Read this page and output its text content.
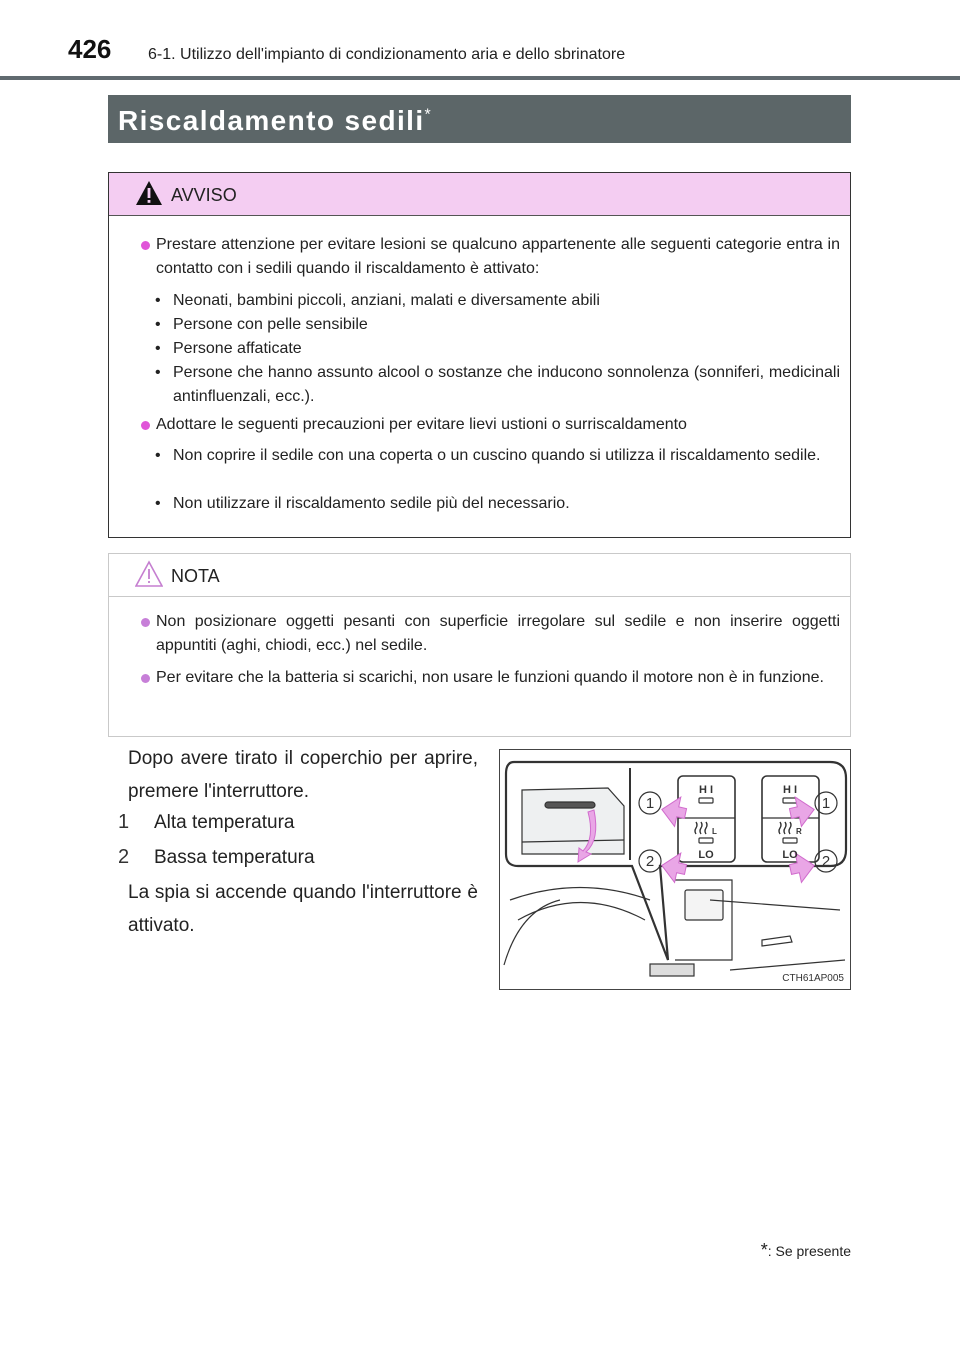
426 6-1. Utilizzo dell'impianto di condizionamento aria e dello sbrinatore
Riscaldamento sedili*
AVVISO
Prestare attenzione per evitare lesioni se qualcuno appartenente alle seguenti categorie entra in contatto con i sedili quando il riscaldamento è attivato:
• Neonati, bambini piccoli, anziani, malati e diversamente abili
• Persone con pelle sensibile
• Persone affaticate
• Persone che hanno assunto alcool o sostanze che inducono sonnolenza (sonniferi, medicinali antinfluenzali, ecc.).
Adottare le seguenti precauzioni per evitare lievi ustioni o surriscaldamento
• Non coprire il sedile con una coperta o un cuscino quando si utilizza il riscaldamento sedile.
• Non utilizzare il riscaldamento sedile più del necessario.
NOTA
Non posizionare oggetti pesanti con superficie irregolare sul sedile e non inserire oggetti appuntiti (aghi, chiodi, ecc.) nel sedile.
Per evitare che la batteria si scarichi, non usare le funzioni quando il motore non è in funzione.
Dopo avere tirato il coperchio per aprire, premere l'interruttore.
1 Alta temperatura
2 Bassa temperatura
La spia si accende quando l'interruttore è attivato.
H I	H I
LO	LO
L	R
1
2
1
2
CTH61AP005
*: Se presente
